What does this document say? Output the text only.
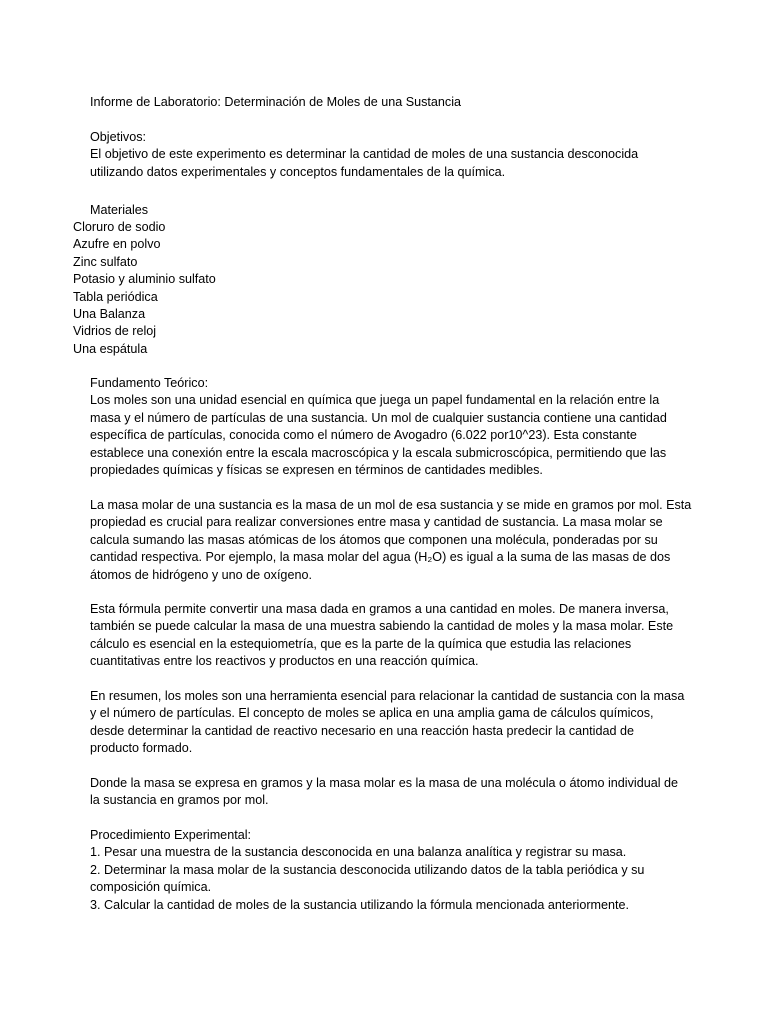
Informe de Laboratorio: Determinación de Moles de una Sustancia

Objetivos:
El objetivo de este experimento es determinar la cantidad de moles de una sustancia desconocida
utilizando datos experimentales y conceptos fundamentales de la química.

Materiales

Cloruro de sodio
Azufre en polvo
Zinc sulfato
Potasio y aluminio sulfato
Tabla periódica
Una Balanza
Vidrios de reloj
Una espátula
Fundamento Teórico:
Los moles son una unidad esencial en química que juega un papel fundamental en la relación entre la
masa y el número de partículas de una sustancia. Un mol de cualquier sustancia contiene una cantidad
específica de partículas, conocida como el número de Avogadro (6.022 por10^23). Esta constante
establece una conexión entre la escala macroscópica y la escala submicroscópica, permitiendo que las
propiedades químicas y físicas se expresen en términos de cantidades medibles.
La masa molar de una sustancia es la masa de un mol de esa sustancia y se mide en gramos por mol. Esta
propiedad es crucial para realizar conversiones entre masa y cantidad de sustancia. La masa molar se
calcula sumando las masas atómicas de los átomos que componen una molécula, ponderadas por su
cantidad respectiva. Por ejemplo, la masa molar del agua (H₂O) es igual a la suma de las masas de dos
átomos de hidrógeno y uno de oxígeno.
Esta fórmula permite convertir una masa dada en gramos a una cantidad en moles. De manera inversa,
también se puede calcular la masa de una muestra sabiendo la cantidad de moles y la masa molar. Este
cálculo es esencial en la estequiometría, que es la parte de la química que estudia las relaciones
cuantitativas entre los reactivos y productos en una reacción química.
En resumen, los moles son una herramienta esencial para relacionar la cantidad de sustancia con la masa
y el número de partículas. El concepto de moles se aplica en una amplia gama de cálculos químicos,
desde determinar la cantidad de reactivo necesario en una reacción hasta predecir la cantidad de
producto formado.
Donde la masa se expresa en gramos y la masa molar es la masa de una molécula o átomo individual de
la sustancia en gramos por mol.
Procedimiento Experimental:
1. Pesar una muestra de la sustancia desconocida en una balanza analítica y registrar su masa.
2. Determinar la masa molar de la sustancia desconocida utilizando datos de la tabla periódica y su
composición química.
3. Calcular la cantidad de moles de la sustancia utilizando la fórmula mencionada anteriormente.
